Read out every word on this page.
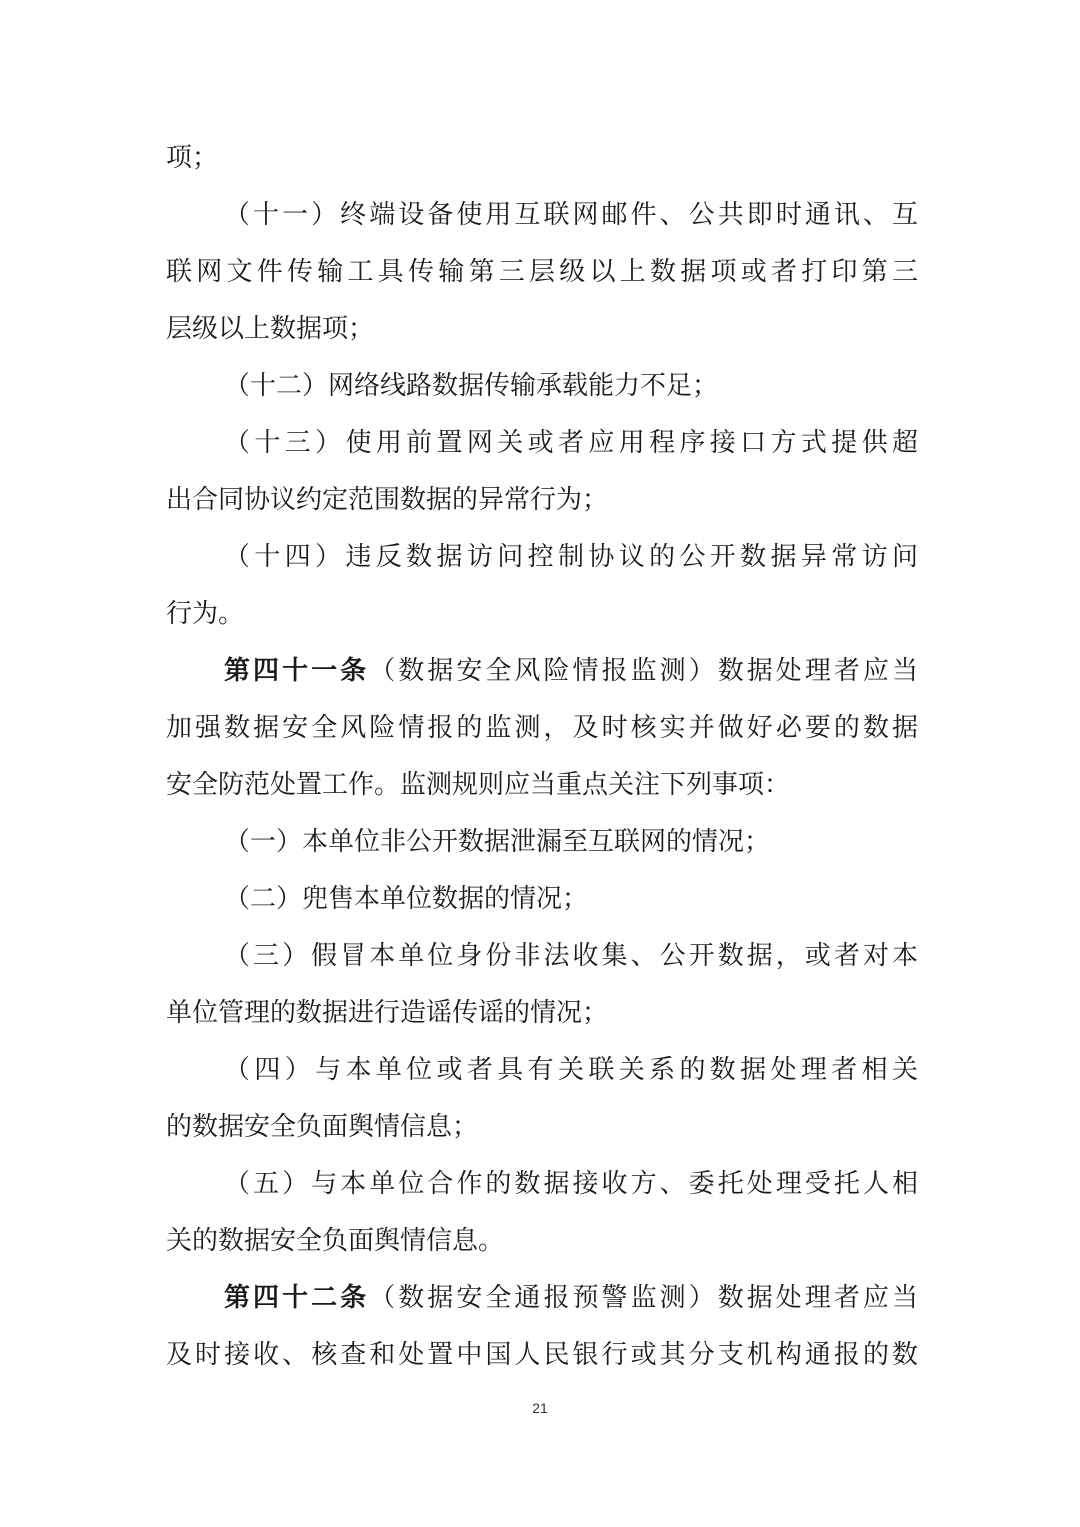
项；
（十一）终端设备使用互联网邮件、公共即时通讯、互
联网文件传输工具传输第三层级以上数据项或者打印第三
层级以上数据项；
（十二）网络线路数据传输承载能力不足；
（十三）使用前置网关或者应用程序接口方式提供超
出合同协议约定范围数据的异常行为；
（十四）违反数据访问控制协议的公开数据异常访问
行为。
第四十一条（数据安全风险情报监测）数据处理者应当
加强数据安全风险情报的监测，及时核实并做好必要的数据
安全防范处置工作。监测规则应当重点关注下列事项：
（一）本单位非公开数据泄漏至互联网的情况；
（二）兜售本单位数据的情况；
（三）假冒本单位身份非法收集、公开数据，或者对本
单位管理的数据进行造谣传谣的情况；
（四）与本单位或者具有关联关系的数据处理者相关
的数据安全负面舆情信息；
（五）与本单位合作的数据接收方、委托处理受托人相
关的数据安全负面舆情信息。
第四十二条（数据安全通报预警监测）数据处理者应当
及时接收、核查和处置中国人民银行或其分支机构通报的数
21
